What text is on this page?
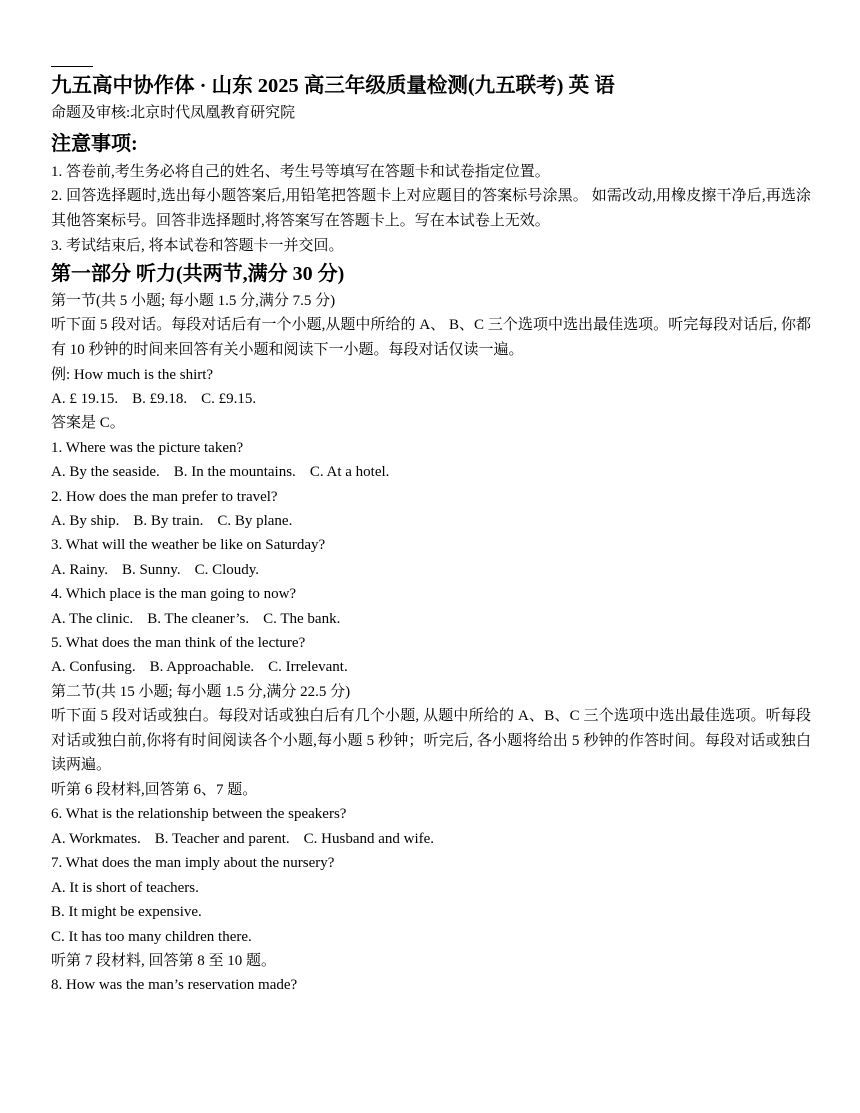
九五高中协作体 · 山东 2025 高三年级质量检测(九五联考) 英 语
命题及审核:北京时代凤凰教育研究院
注意事项:
1. 答卷前,考生务必将自己的姓名、考生号等填写在答题卡和试卷指定位置。
2. 回答选择题时,选出每小题答案后,用铅笔把答题卡上对应题目的答案标号涂黑。 如需改动,用橡皮擦干净后,再选涂其他答案标号。回答非选择题时,将答案写在答题卡上。写在本试卷上无效。
3. 考试结束后, 将本试卷和答题卡一并交回。
第一部分 听力(共两节,满分 30 分)
第一节(共 5 小题; 每小题 1.5 分,满分 7.5 分)
听下面 5 段对话。每段对话后有一个小题,从题中所给的 A、 B、C 三个选项中选出最佳选项。听完每段对话后, 你都有 10 秒钟的时间来回答有关小题和阅读下一小题。每段对话仅读一遍。
例: How much is the shirt?
A. £ 19.15. B. £9.18. C. £9.15.
答案是 C。
1. Where was the picture taken?
A. By the seaside. B. In the mountains. C. At a hotel.
2. How does the man prefer to travel?
A. By ship. B. By train. C. By plane.
3. What will the weather be like on Saturday?
A. Rainy. B. Sunny. C. Cloudy.
4. Which place is the man going to now?
A. The clinic. B. The cleaner’s. C. The bank.
5. What does the man think of the lecture?
A. Confusing. B. Approachable. C. Irrelevant.
第二节(共 15 小题; 每小题 1.5 分,满分 22.5 分)
听下面 5 段对话或独白。每段对话或独白后有几个小题, 从题中所给的 A、B、C 三个选项中选出最佳选项。听每段对话或独白前,你将有时间阅读各个小题,每小题 5 秒钟；听完后, 各小题将给出 5 秒钟的作答时间。每段对话或独白读两遍。
听第 6 段材料,回答第 6、7 题。
6. What is the relationship between the speakers?
A. Workmates. B. Teacher and parent. C. Husband and wife.
7. What does the man imply about the nursery?
A. It is short of teachers.
B. It might be expensive.
C. It has too many children there.
听第 7 段材料, 回答第 8 至 10 题。
8. How was the man’s reservation made?
